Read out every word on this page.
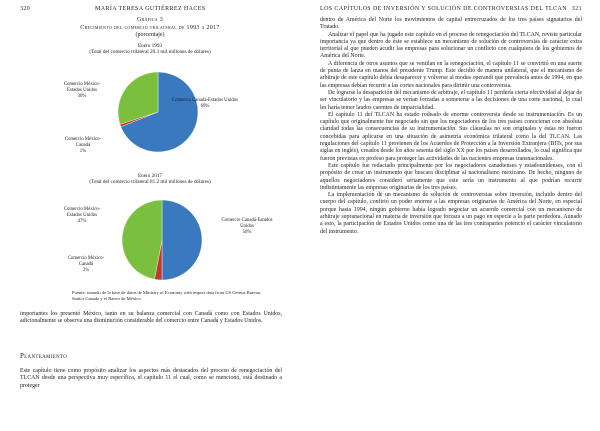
320	MARÍA TERESA GUTIÉRREZ HACES
Gráfica 3
Crecimiento del comercio trilateral de 1993 a 2017
(porcentaje)
Enero 1993
(Total del comercio trilateral 20.3 mil millones de dólares)
Comercio Canadá-Estados Unidos
69%
Comercio México-Estados Unidos
30%
Comercio México-Canadá
1%
Enero 2017
(Total del comercio trilateral 81.2 mil millones de dólares)
Comercio Canadá-Estados Unidos
50%
Comercio México-Estados Unidos
47%
Comercio México-Canadá
3%
Fuente: tomado de la base de datos de Ministry of Economy with import data from US Census Bureau, Statics Canada y el Banco de México.

importantes los presentó México, tanto en su balanza comercial con Canadá como con Estados Unidos, adicionalmente se observa una disminución considerable del comercio entre Canadá y Estados Unidos.

Planteamiento

Este capítulo tiene como propósito analizar los aspectos más destacados del proceso de renegociación del TLCAN desde una perspectiva muy específica, el capítulo 11 el cual, como se mencionó, está destinado a proteger

LOS CAPÍTULOS DE INVERSIÓN Y SOLUCIÓN DE CONTROVERSIAS DEL TLCAN 321

dentro de América del Norte los movimientos de capital entrecruzados de los tres países signatarios del Tratado.

Analizar el papel que ha jugado este capítulo en el proceso de renegociación del TLCAN, reviste particular importancia ya que dentro de éste se establece un mecanismo de solución de controversias de carácter extra territorial al que pueden acudir las empresas para solucionar un conflicto con cualquiera de los gobiernos de América del Norte.

A diferencia de otros asuntos que se ventilan en la renegociación, el capítulo 11 se convirtió en una suerte de punta de lanza en manos del presidente Trump. Este decidió de manera unilateral, que el mecanismo de arbitraje de este capítulo debía desaparecer y volverse al modus operandi que prevalecía antes de 1994, en que las empresas debían recurrir a las cortes nacionales para dirimir una controversia.

De lograrse la desaparición del mecanismo de arbitraje, el capítulo 11 perdería cierta efectividad al dejar de ser vinculatorio y las empresas se verían forzadas a someterse a las decisiones de una corte nacional, lo cual les haría temer laudos carentes de imparcialidad.

El capítulo 11 del TLCAN ha estado rodeado de enorme controversia desde su instrumentación. Es un capítulo que originalmente fue negociado sin que los negociadores de los tres países conocieran con absoluta claridad todas las consecuencias de su instrumentación. Sus cláusulas no son originales y éstas no fueron concebidas para aplicarse en una situación de asimetría económica trilateral como la del TLCAN. Las regulaciones del capítulo 11 provienen de los Acuerdos de Protección a la Inversión Extranjera (BITs, por sus siglas en inglés), creados desde los años sesenta del siglo XX por los países desarrollados, lo cual significa que fueron previstas ex profeso para proteger las actividades de las nacientes empresas transnacionales.

Este capítulo fue redactado principalmente por los negociadores canadienses y estadounidenses, con el propósito de crear un instrumento que buscara disciplinar al nacionalismo mexicano. De hecho, ninguno de aquellos negociadores consideró seriamente que este sería un instrumento al que podrían recurrir indistintamente las empresas originarias de los tres países.

La implementación de un mecanismo de solución de controversias sobre inversión, incluido dentro del cuerpo del capítulo, confirió un poder enorme a las empresas originarias de América del Norte, en especial porque hasta 1994, ningún gobierno había logrado negociar un acuerdo comercial con un mecanismo de arbitraje supranacional en materia de inversión que forzara a un pago en especie a la parte perdedora. Aunado a esto, la participación de Estados Unidos como una de las tres contrapartes potenció el carácter vinculatorio del instrumento.
